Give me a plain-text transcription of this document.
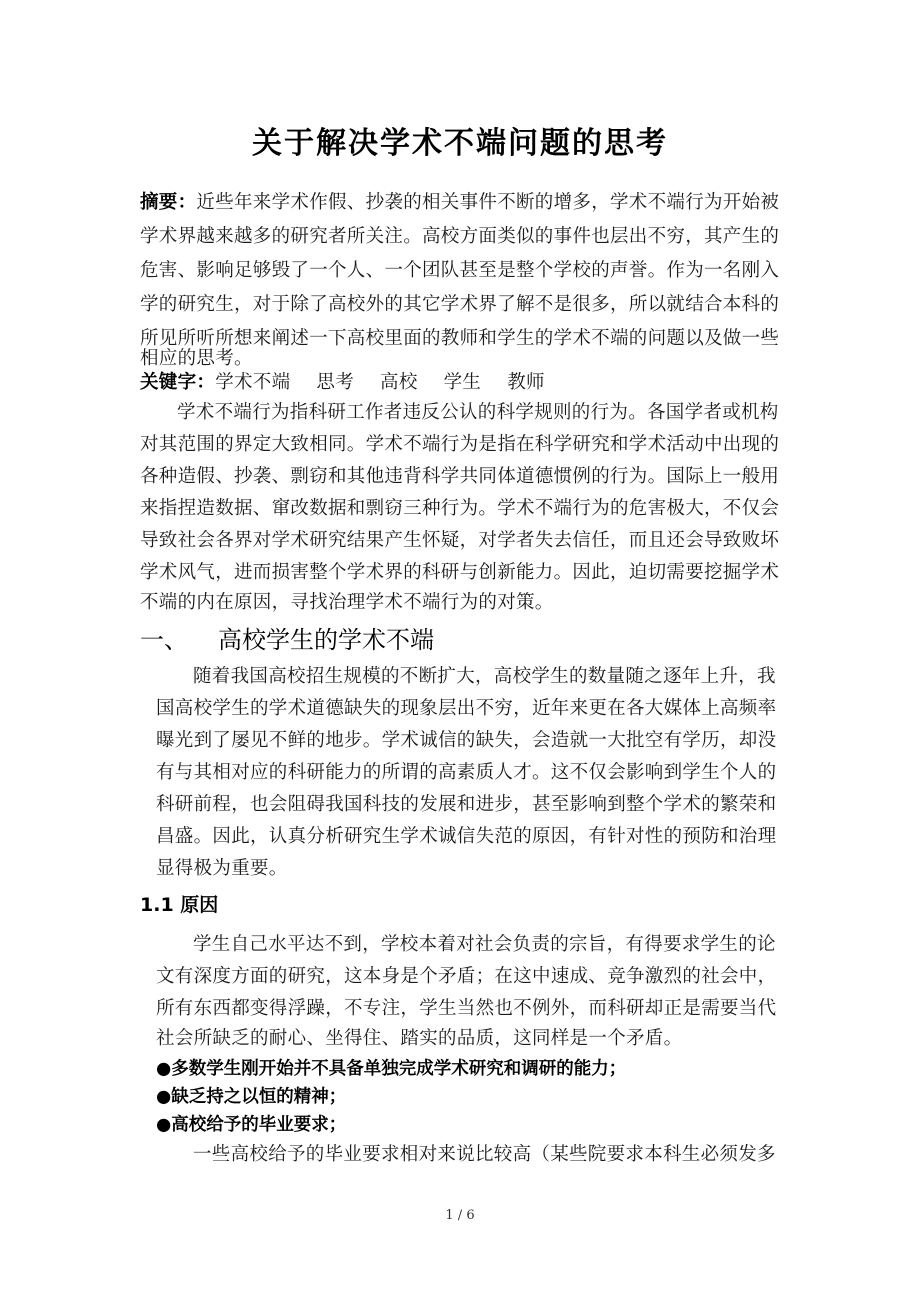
关于解决学术不端问题的思考
摘要：近些年来学术作假、抄袭的相关事件不断的增多，学术不端行为开始被
学术界越来越多的研究者所关注。高校方面类似的事件也层出不穷，其产生的
危害、影响足够毁了一个人、一个团队甚至是整个学校的声誉。作为一名刚入
学的研究生，对于除了高校外的其它学术界了解不是很多，所以就结合本科的
所见所听所想来阐述一下高校里面的教师和学生的学术不端的问题以及做一些
相应的思考。
关键字：学术不端 思考 高校 学生 教师
学术不端行为指科研工作者违反公认的科学规则的行为。各国学者或机构
对其范围的界定大致相同。学术不端行为是指在科学研究和学术活动中出现的
各种造假、抄袭、剽窃和其他违背科学共同体道德惯例的行为。国际上一般用
来指捏造数据、窜改数据和剽窃三种行为。学术不端行为的危害极大，不仅会
导致社会各界对学术研究结果产生怀疑，对学者失去信任，而且还会导致败坏
学术风气，进而损害整个学术界的科研与创新能力。因此，迫切需要挖掘学术
不端的内在原因，寻找治理学术不端行为的对策。
一、 高校学生的学术不端
随着我国高校招生规模的不断扩大，高校学生的数量随之逐年上升，我
国高校学生的学术道德缺失的现象层出不穷，近年来更在各大媒体上高频率
曝光到了屡见不鲜的地步。学术诚信的缺失，会造就一大批空有学历，却没
有与其相对应的科研能力的所谓的高素质人才。这不仅会影响到学生个人的
科研前程，也会阻碍我国科技的发展和进步，甚至影响到整个学术的繁荣和
昌盛。因此，认真分析研究生学术诚信失范的原因，有针对性的预防和治理
显得极为重要。
1.1 原因
学生自己水平达不到，学校本着对社会负责的宗旨，有得要求学生的论
文有深度方面的研究，这本身是个矛盾；在这中速成、竞争激烈的社会中，
所有东西都变得浮躁，不专注，学生当然也不例外，而科研却正是需要当代
社会所缺乏的耐心、坐得住、踏实的品质，这同样是一个矛盾。
●多数学生刚开始并不具备单独完成学术研究和调研的能力；
●缺乏持之以恒的精神；
●高校给予的毕业要求；
一些高校给予的毕业要求相对来说比较高（某些院要求本科生必须发多
1 / 6
